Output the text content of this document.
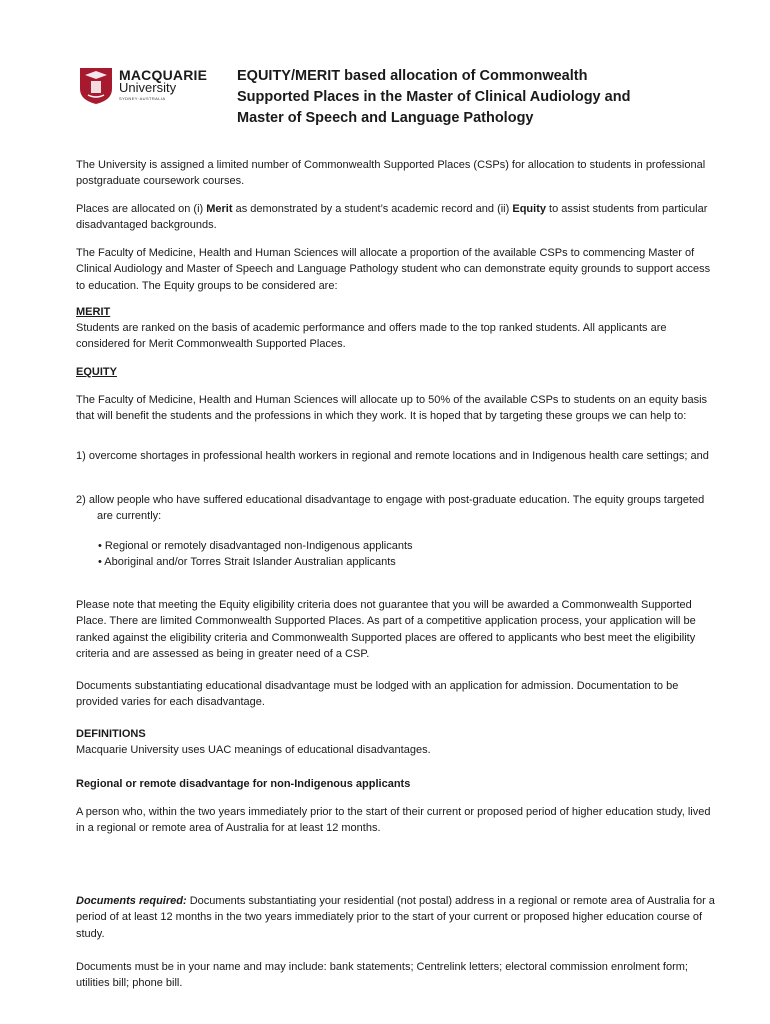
MACQUARIE
University
SYDNEY·AUSTRALIA
EQUITY/MERIT based allocation of Commonwealth Supported Places in the Master of Clinical Audiology and Master of Speech and Language Pathology
The University is assigned a limited number of Commonwealth Supported Places (CSPs) for allocation to students in professional postgraduate coursework courses.
Places are allocated on (i) Merit as demonstrated by a student’s academic record and (ii) Equity to assist students from particular disadvantaged backgrounds.
The Faculty of Medicine, Health and Human Sciences will allocate a proportion of the available CSPs to commencing Master of Clinical Audiology and Master of Speech and Language Pathology student who can demonstrate equity grounds to support access to education. The Equity groups to be considered are:
MERIT
Students are ranked on the basis of academic performance and offers made to the top ranked students. All applicants are considered for Merit Commonwealth Supported Places.
EQUITY
The Faculty of Medicine, Health and Human Sciences will allocate up to 50% of the available CSPs to students on an equity basis that will benefit the students and the professions in which they work. It is hoped that by targeting these groups we can help to:
1) overcome shortages in professional health workers in regional and remote locations and in Indigenous health care settings; and
2) allow people who have suffered educational disadvantage to engage with post-graduate education. The equity groups targeted are currently:
• Regional or remotely disadvantaged non-Indigenous applicants
• Aboriginal and/or Torres Strait Islander Australian applicants
Please note that meeting the Equity eligibility criteria does not guarantee that you will be awarded a Commonwealth Supported Place. There are limited Commonwealth Supported Places. As part of a competitive application process, your application will be ranked against the eligibility criteria and Commonwealth Supported places are offered to applicants who best meet the eligibility criteria and are assessed as being in greater need of a CSP.
Documents substantiating educational disadvantage must be lodged with an application for admission. Documentation to be provided varies for each disadvantage.
DEFINITIONS
Macquarie University uses UAC meanings of educational disadvantages.
Regional or remote disadvantage for non-Indigenous applicants
A person who, within the two years immediately prior to the start of their current or proposed period of higher education study, lived in a regional or remote area of Australia for at least 12 months.
Documents required: Documents substantiating your residential (not postal) address in a regional or remote area of Australia for a period of at least 12 months in the two years immediately prior to the start of your current or proposed higher education course of study.
Documents must be in your name and may include: bank statements; Centrelink letters; electoral commission enrolment form; utilities bill; phone bill.
